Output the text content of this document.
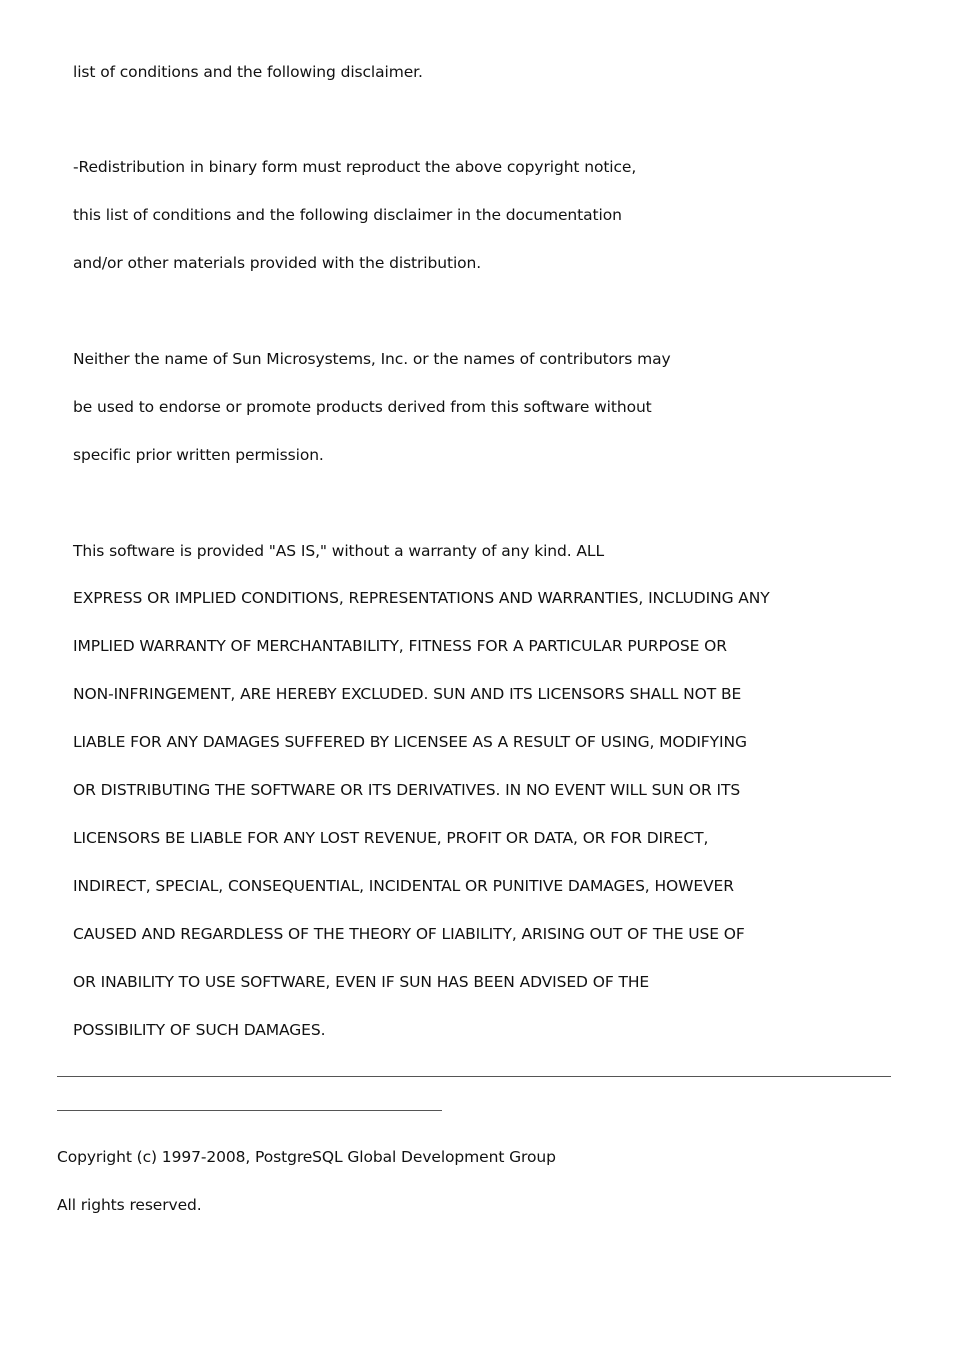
list of conditions and the following disclaimer.
-Redistribution in binary form must reproduct the above copyright notice,
this list of conditions and the following disclaimer in the documentation
and/or other materials provided with the distribution.
Neither the name of Sun Microsystems, Inc. or the names of contributors may
be used to endorse or promote products derived from this software without
specific prior written permission.
This software is provided "AS IS," without a warranty of any kind. ALL
EXPRESS OR IMPLIED CONDITIONS, REPRESENTATIONS AND WARRANTIES, INCLUDING ANY
IMPLIED WARRANTY OF MERCHANTABILITY, FITNESS FOR A PARTICULAR PURPOSE OR
NON-INFRINGEMENT, ARE HEREBY EXCLUDED. SUN AND ITS LICENSORS SHALL NOT BE
LIABLE FOR ANY DAMAGES SUFFERED BY LICENSEE AS A RESULT OF USING, MODIFYING
OR DISTRIBUTING THE SOFTWARE OR ITS DERIVATIVES. IN NO EVENT WILL SUN OR ITS
LICENSORS BE LIABLE FOR ANY LOST REVENUE, PROFIT OR DATA, OR FOR DIRECT,
INDIRECT, SPECIAL, CONSEQUENTIAL, INCIDENTAL OR PUNITIVE DAMAGES, HOWEVER
CAUSED AND REGARDLESS OF THE THEORY OF LIABILITY, ARISING OUT OF THE USE OF
OR INABILITY TO USE SOFTWARE, EVEN IF SUN HAS BEEN ADVISED OF THE
POSSIBILITY OF SUCH DAMAGES.
Copyright (c) 1997-2008, PostgreSQL Global Development Group
All rights reserved.
